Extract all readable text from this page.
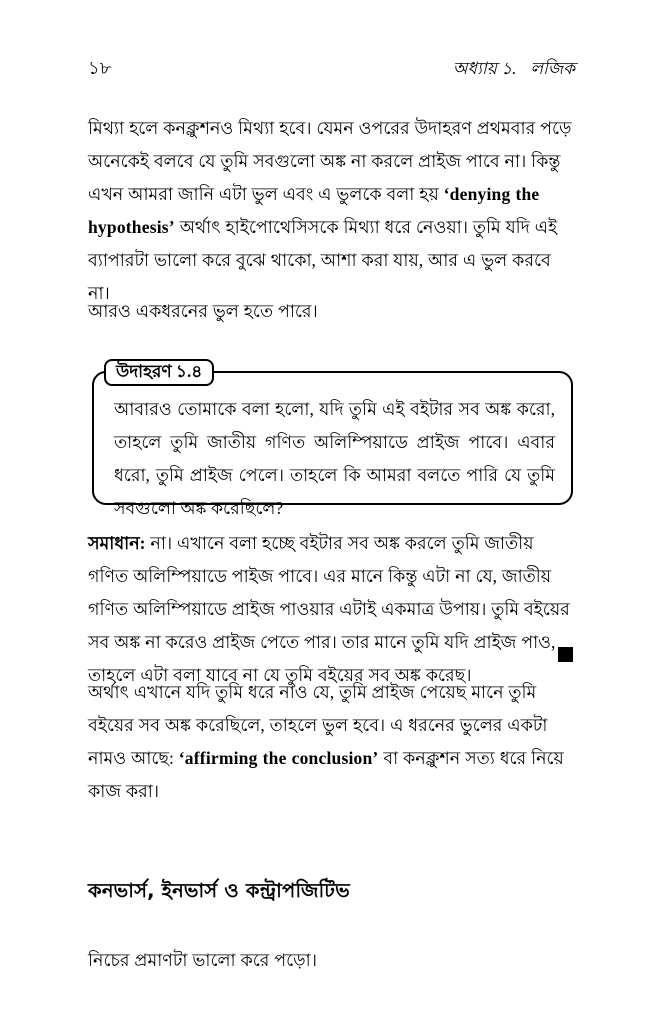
১৮	অধ্যায় ১. লজিক

মিথ্যা হলে কনক্লুশনও মিথ্যা হবে। যেমন ওপরের উদাহরণ প্রথমবার পড়ে অনেকেই বলবে যে তুমি সবগুলো অঙ্ক না করলে প্রাইজ পাবে না। কিন্তু এখন আমরা জানি এটা ভুল এবং এ ভুলকে বলা হয় ‘denying the hypothesis’ অর্থাৎ হাইপোথেসিসকে মিথ্যা ধরে নেওয়া। তুমি যদি এই ব্যাপারটা ভালো করে বুঝে থাকো, আশা করা যায়, আর এ ভুল করবে না।

আরও একধরনের ভুল হতে পারে।

উদাহরণ ১.৪

আবারও তোমাকে বলা হলো, যদি তুমি এই বইটার সব অঙ্ক করো, তাহলে তুমি জাতীয় গণিত অলিম্পিয়াডে প্রাইজ পাবে। এবার ধরো, তুমি প্রাইজ পেলে। তাহলে কি আমরা বলতে পারি যে তুমি সবগুলো অঙ্ক করেছিলে?

সমাধান: না। এখানে বলা হচ্ছে বইটার সব অঙ্ক করলে তুমি জাতীয় গণিত অলিম্পিয়াডে পাইজ পাবে। এর মানে কিন্তু এটা না যে, জাতীয় গণিত অলিম্পিয়াডে প্রাইজ পাওয়ার এটাই একমাত্র উপায়। তুমি বইয়ের সব অঙ্ক না করেও প্রাইজ পেতে পার। তার মানে তুমি যদি প্রাইজ পাও, তাহলে এটা বলা যাবে না যে তুমি বইয়ের সব অঙ্ক করেছ।

অর্থাৎ এখানে যদি তুমি ধরে নাও যে, তুমি প্রাইজ পেয়েছ মানে তুমি বইয়ের সব অঙ্ক করেছিলে, তাহলে ভুল হবে। এ ধরনের ভুলের একটা নামও আছে: ‘affirming the conclusion’ বা কনক্লুশন সত্য ধরে নিয়ে কাজ করা।

কনভার্স, ইনভার্স ও কন্ট্রাপজিটিভ

নিচের প্রমাণটা ভালো করে পড়ো।
